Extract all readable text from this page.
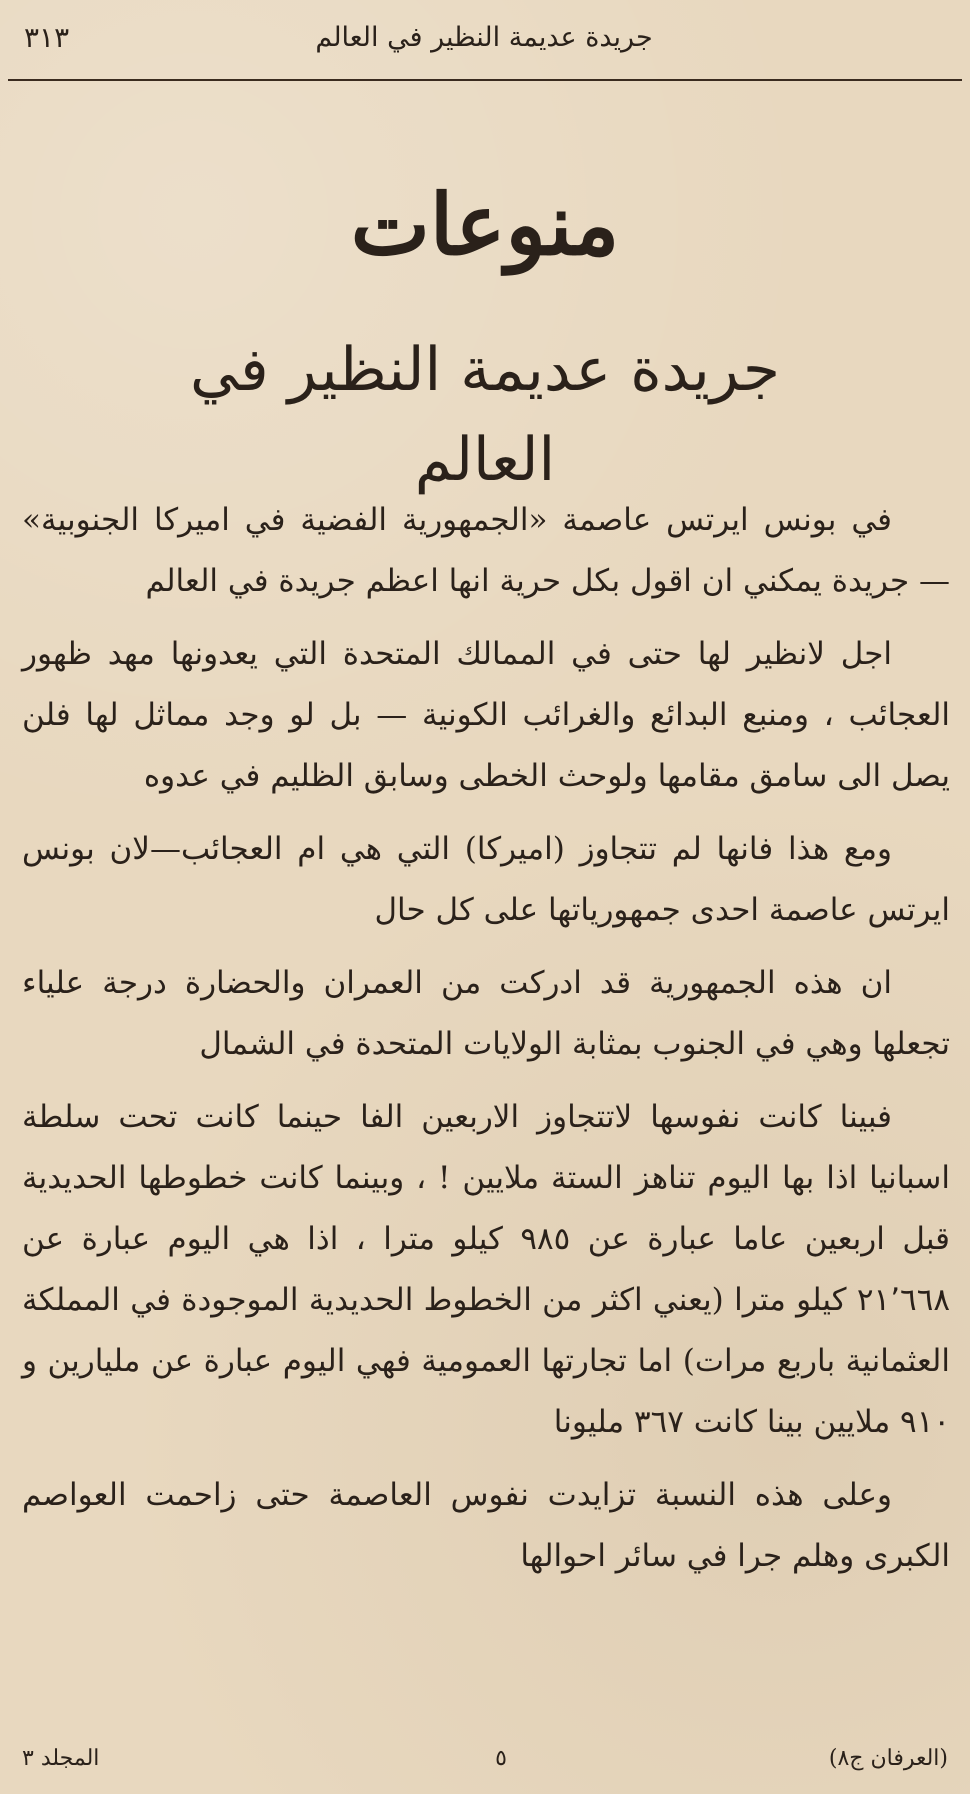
جريدة عديمة النظير في العالم
٣١٣
منوعات
جريدة عديمة النظير في العالم

في بونس ايرتس عاصمة «الجمهورية الفضية في اميركا الجنوبية» — جريدة يمكني ان اقول بكل حرية انها اعظم جريدة في العالم

اجل لانظير لها حتى في الممالك المتحدة التي يعدونها مهد ظهور العجائب ، ومنبع البدائع والغرائب الكونية — بل لو وجد مماثل لها فلن يصل الى سامق مقامها ولوحث الخطى وسابق الظليم في عدوه

ومع هذا فانها لم تتجاوز (اميركا) التي هي ام العجائب—لان بونس ايرتس عاصمة احدى جمهورياتها على كل حال

ان هذه الجمهورية قد ادركت من العمران والحضارة درجة علياء تجعلها وهي في الجنوب بمثابة الولايات المتحدة في الشمال

فبينا كانت نفوسها لاتتجاوز الاربعين الفا حينما كانت تحت سلطة اسبانيا اذا بها اليوم تناهز الستة ملايين ! ، وبينما كانت خطوطها الحديدية قبل اربعين عاما عبارة عن ٩٨٥ كيلو مترا ، اذا هي اليوم عبارة عن ٢١٬٦٦٨ كيلو مترا (يعني اكثر من الخطوط الحديدية الموجودة في المملكة العثمانية باربع مرات) اما تجارتها العمومية فهي اليوم عبارة عن مليارين و ٩١٠ ملايين بينا كانت ٣٦٧ مليونا

وعلى هذه النسبة تزايدت نفوس العاصمة حتى زاحمت العواصم الكبرى وهلم جرا في سائر احوالها

(العرفان ج٨)
٥
المجلد ٣
